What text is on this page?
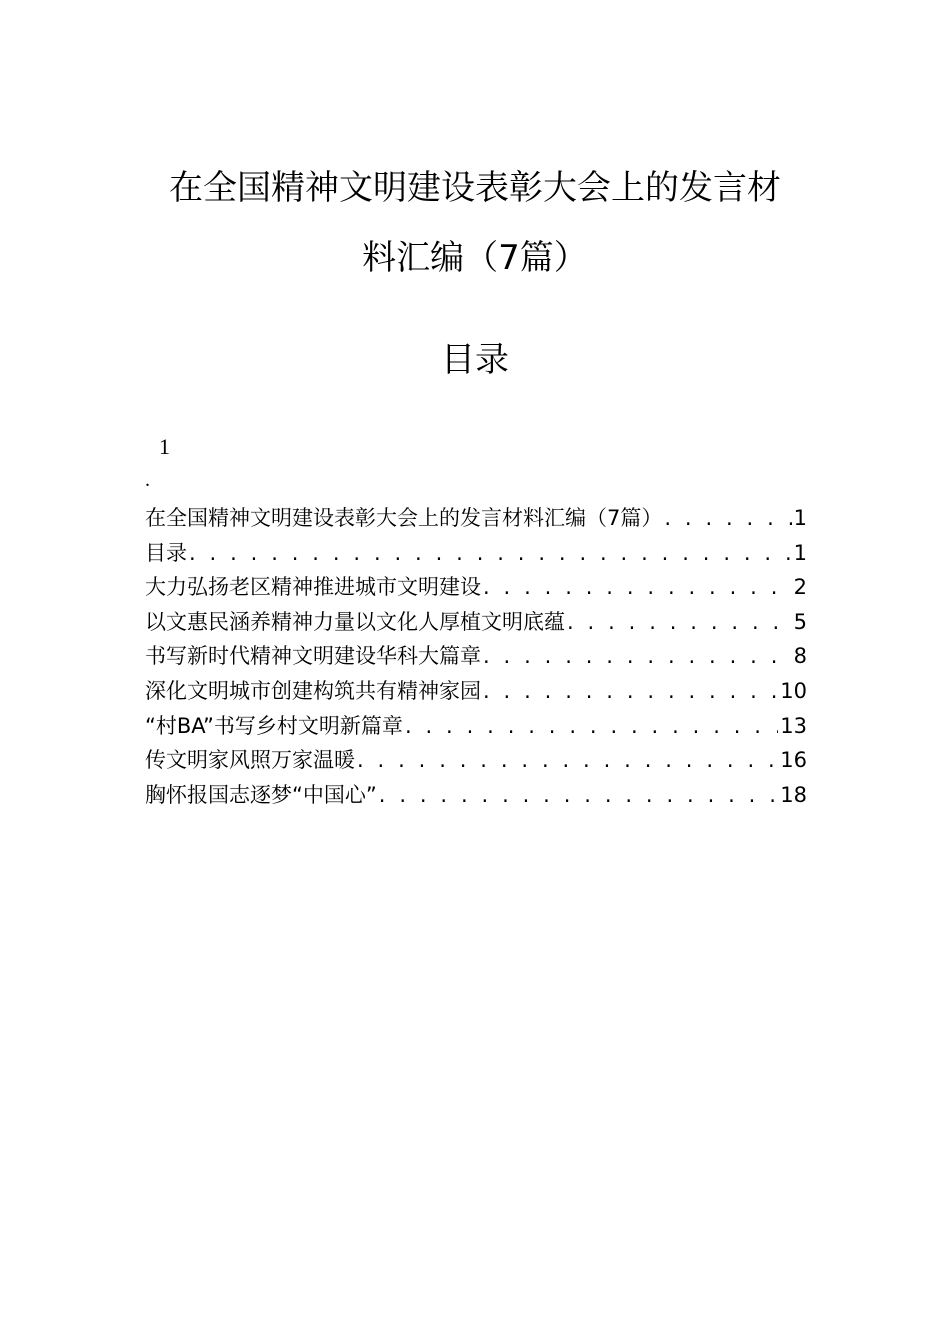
在全国精神文明建设表彰大会上的发言材
料汇编（7篇）
目录
1
.
在全国精神文明建设表彰大会上的发言材料汇编（7篇） . . .	1
目录 . . .	1
大力弘扬老区精神推进城市文明建设 . . .	2
以文惠民涵养精神力量以文化人厚植文明底蕴 . . .	5
书写新时代精神文明建设华科大篇章 . . .	8
深化文明城市创建构筑共有精神家园 . . .	10
“村BA”书写乡村文明新篇章 . . .	13
传文明家风照万家温暖 . . .	16
胸怀报国志逐梦“中国心” . . .	18
